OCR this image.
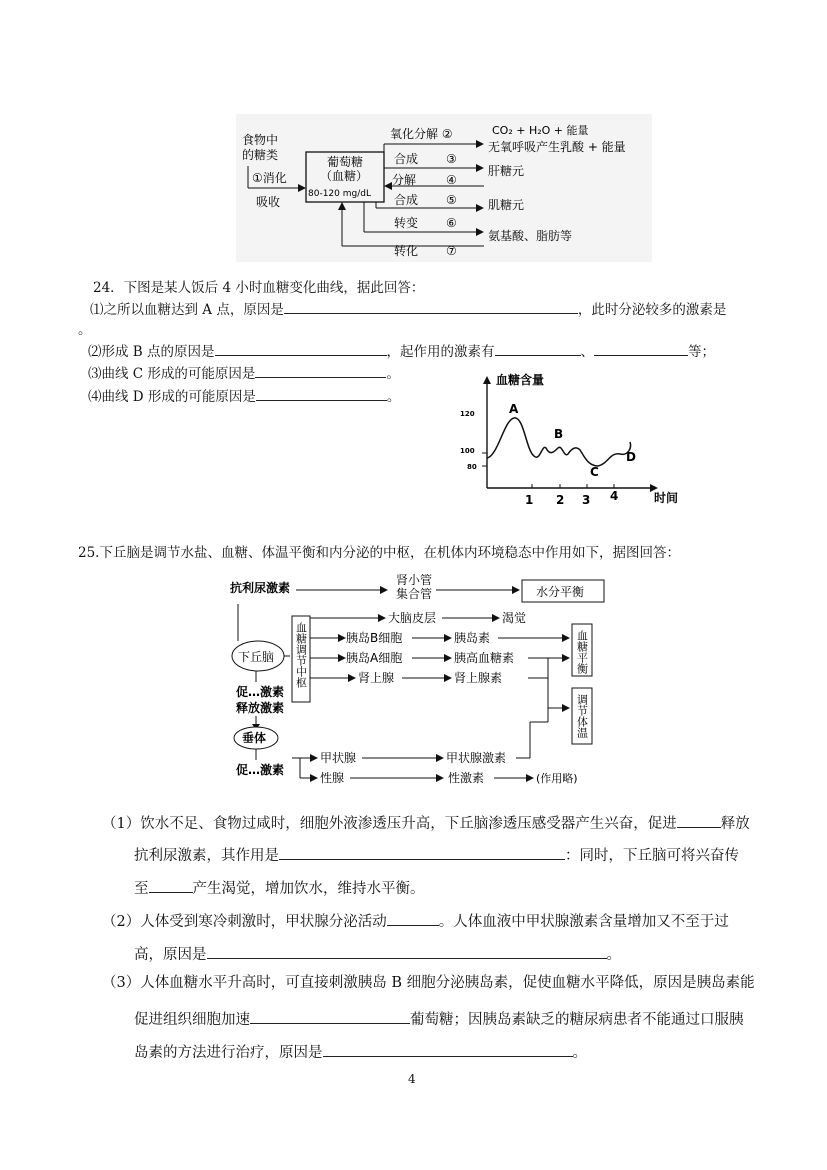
食物中
的糖类
①消化
吸收
葡萄糖
（血糖）
80-120 mg/dL
氧化分解 ②	CO₂ + H₂O + 能量
无氧呼吸产生乳酸 + 能量
合成 ③
肝糖元
分解 ④
合成 ⑤	肌糖元
转变 ⑥
氨基酸、脂肪等
转化 ⑦
24．下图是某人饭后 4 小时血糖变化曲线，据此回答：
⑴之所以血糖达到 A 点，原因是	，此时分泌较多的激素是
。
⑵形成 B 点的原因是	，起作用的激素有	、	等；
⑶曲线 C 形成的可能原因是	。
⑷曲线 D 形成的可能原因是	。
血糖含量
时间
120
100
80
1 2 3 4
A
B
C
D
25.下丘脑是调节水盐、血糖、体温平衡和内分泌的中枢，在机体内环境稳态中作用如下，据图回答：
抗利尿激素
肾小管
集合管	水分平衡
大脑皮层	渴觉
下丘脑 血糖调节中枢	胰岛B细胞	胰岛素
胰岛A细胞	胰高血糖素
肾上腺	肾上腺素
血糖平衡
调节体温
促…激素
释放激素
垂体
促…激素
甲状腺	甲状腺激素
性腺	性激素	(作用略)
（1）饮水不足、食物过咸时，细胞外液渗透压升高，下丘脑渗透压感受器产生兴奋，促进	释放
抗利尿激素，其作用是	：同时，下丘脑可将兴奋传
至	产生渴觉，增加饮水，维持水平衡。
（2）人体受到寒冷刺激时，甲状腺分泌活动	。人体血液中甲状腺激素含量增加又不至于过
高，原因是	。
（3）人体血糖水平升高时，可直接刺激胰岛 B 细胞分泌胰岛素，促使血糖水平降低，原因是胰岛素能
促进组织细胞加速	葡萄糖；因胰岛素缺乏的糖尿病患者不能通过口服胰
岛素的方法进行治疗，原因是	。
4
